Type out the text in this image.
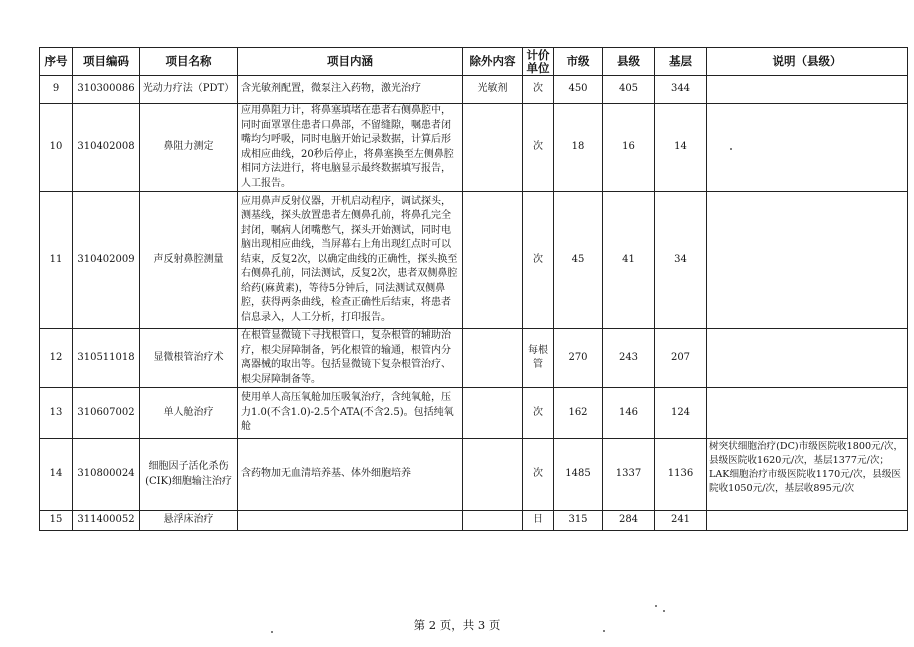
序号	项目编码	项目名称	项目内涵	除外内容	计价单位	市级	县级	基层	说明（县级）
9	310300086	光动力疗法（PDT）	含光敏剂配置，微泵注入药物，激光治疗	光敏剂	次	450	405	344	
10	310402008	鼻阻力测定	应用鼻阻力计，将鼻塞填堵在患者右侧鼻腔中，同时面罩罩住患者口鼻部，不留缝隙，嘱患者闭嘴均匀呼吸，同时电脑开始记录数据，计算后形成相应曲线，20秒后停止，将鼻塞换至左侧鼻腔相同方法进行，将电脑显示最终数据填写报告，人工报告。		次	18	16	14	
11	310402009	声反射鼻腔测量	应用鼻声反射仪器，开机启动程序，调试探头，测基线，探头放置患者左侧鼻孔前，将鼻孔完全封闭，嘱病人闭嘴憋气，探头开始测试，同时电脑出现相应曲线，当屏幕右上角出现红点时可以结束，反复2次，以确定曲线的正确性，探头换至右侧鼻孔前，同法测试，反复2次，患者双侧鼻腔给药(麻黄素)，等待5分钟后，同法测试双侧鼻腔，获得两条曲线，检查正确性后结束，将患者信息录入，人工分析，打印报告。		次	45	41	34	
12	310511018	显微根管治疗术	在根管显微镜下寻找根管口，复杂根管的辅助治疗，根尖屏障制备，钙化根管的输通，根管内分离器械的取出等。包括显微镜下复杂根管治疗、根尖屏障制备等。		每根管	270	243	207	
13	310607002	单人舱治疗	使用单人高压氧舱加压吸氧治疗，含纯氧舱，压力1.0(不含1.0)-2.5个ATA(不含2.5)。包括纯氧舱		次	162	146	124	
14	310800024	细胞因子活化杀伤(CIK)细胞输注治疗	含药物加无血清培养基、体外细胞培养		次	1485	1337	1136	树突状细胞治疗(DC)市级医院收1800元/次，县级医院收1620元/次，基层1377元/次；LAK细胞治疗市级医院收1170元/次，县级医院收1050元/次，基层收895元/次
15	311400052	悬浮床治疗			日	315	284	241	
第 2 页，共 3 页
